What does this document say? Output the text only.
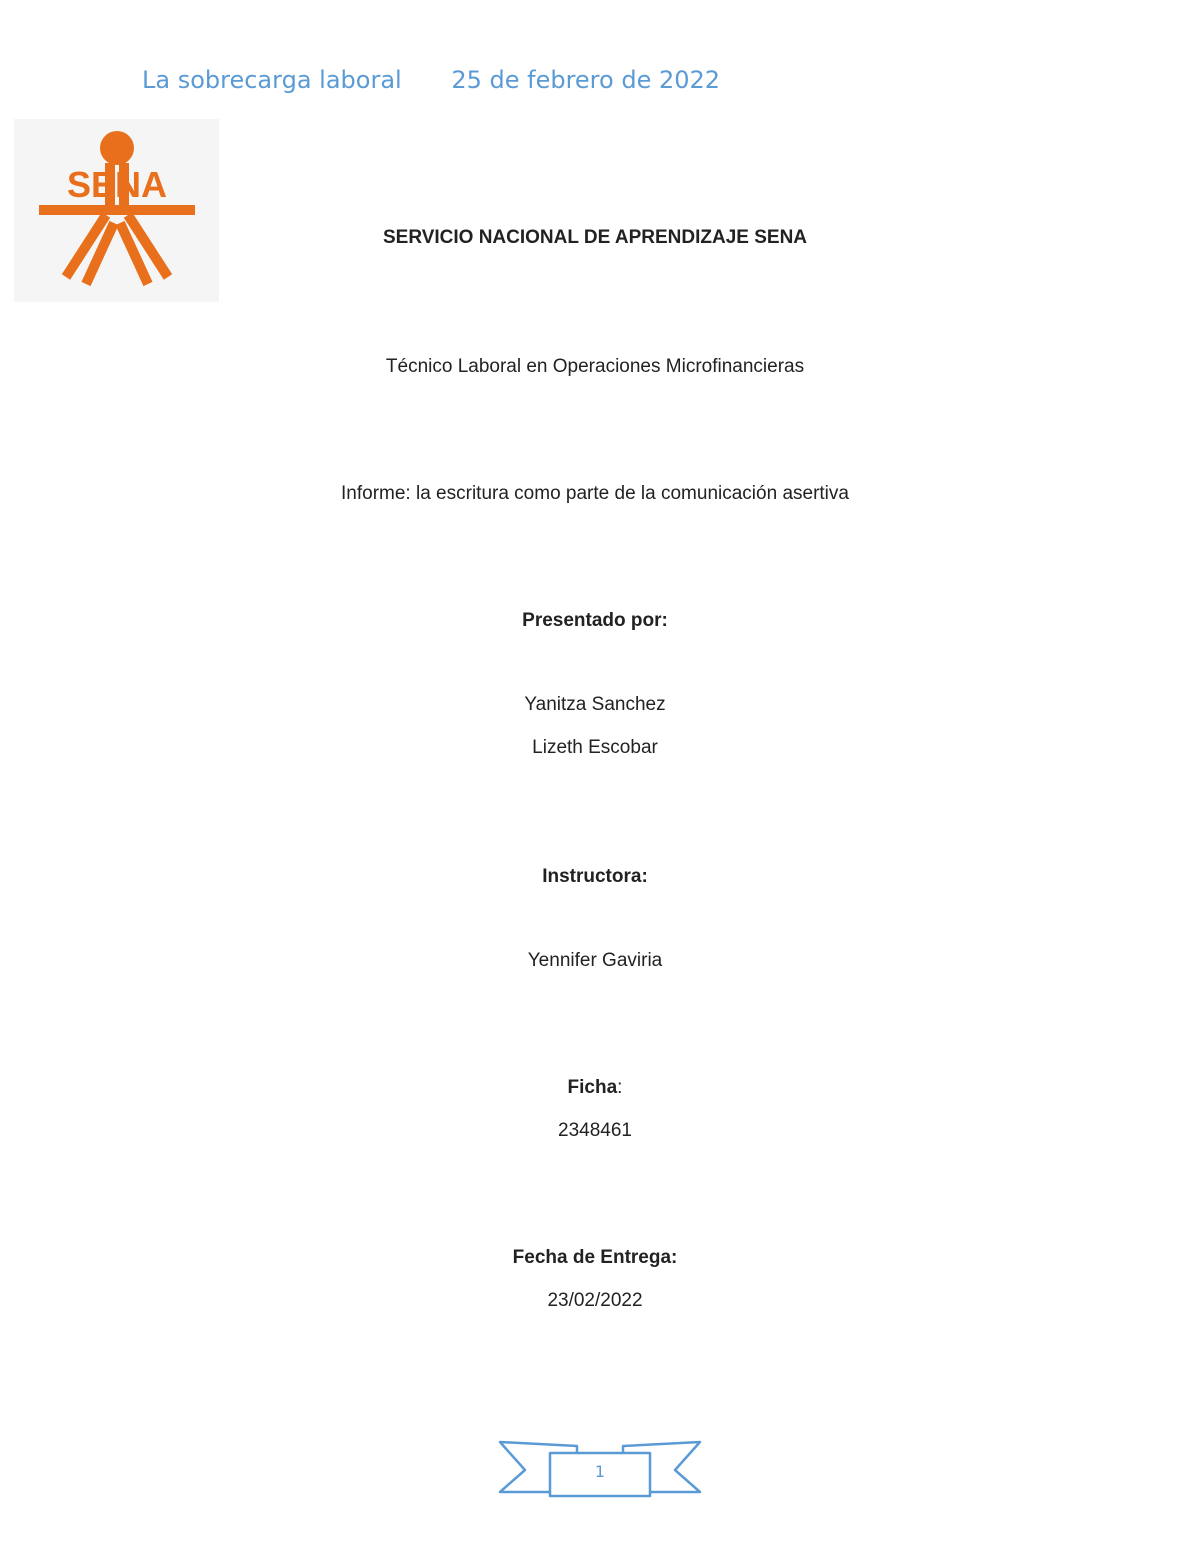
La sobrecarga laboral 25 de febrero de 2022
SENA
SERVICIO NACIONAL DE APRENDIZAJE SENA
Técnico Laboral en Operaciones Microfinancieras
Informe: la escritura como parte de la comunicación asertiva
Presentado por:
Yanitza Sanchez
Lizeth Escobar
Instructora:
Yennifer Gaviria
Ficha:
2348461
Fecha de Entrega:
23/02/2022
1
